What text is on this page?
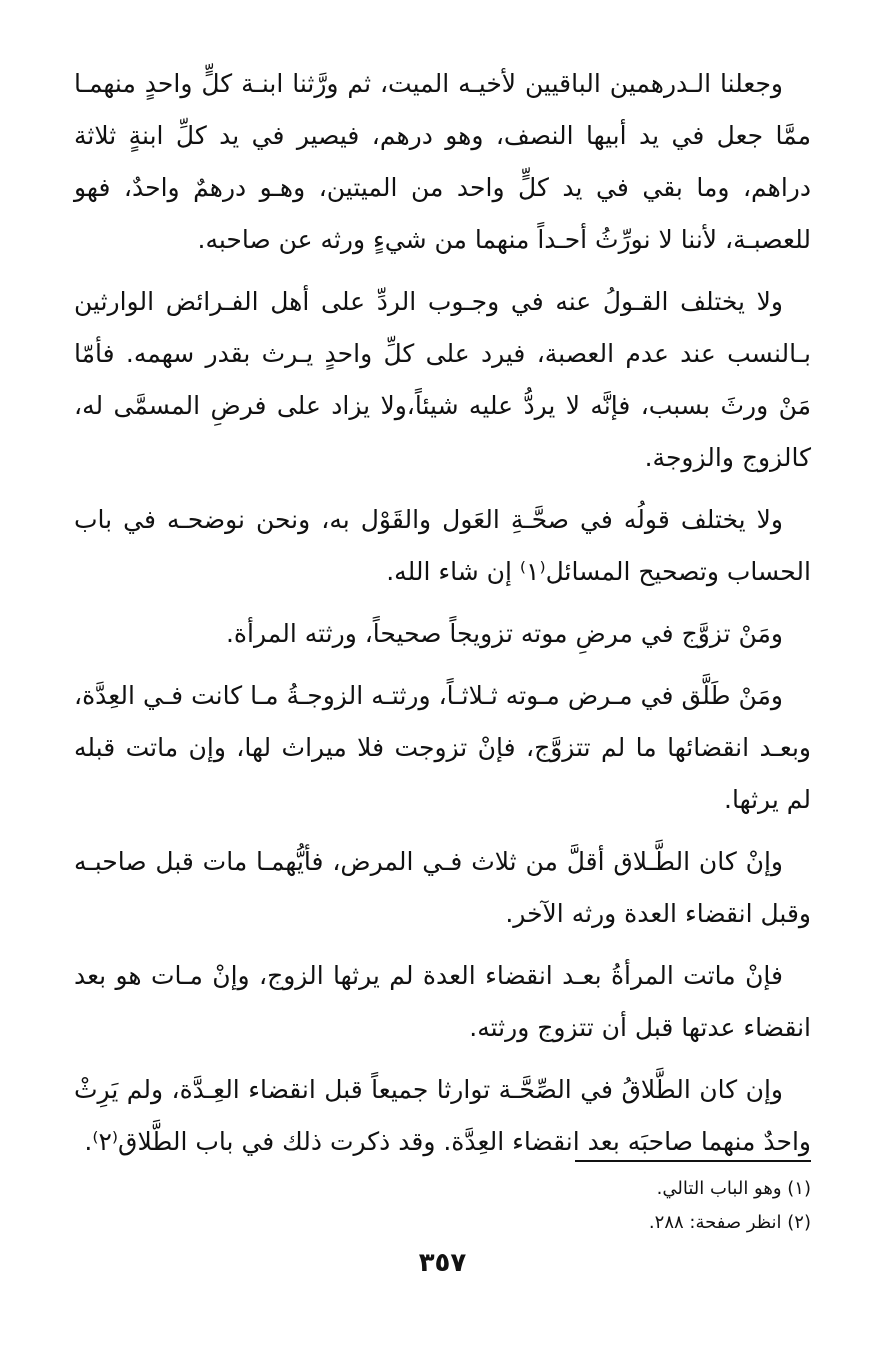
وجعلنا الـدرهمين الباقيين لأخيـه الميت، ثم ورَّثنا ابنـة كلٍّ واحدٍ منهمـا ممَّا جعل في يد أبيها النصف، وهو درهم، فيصير في يد كلِّ ابنةٍ ثلاثة دراهم، وما بقي في يد كلٍّ واحد من الميتين، وهـو درهمٌ واحدٌ، فهو للعصبـة، لأننا لا نورِّثُ أحـداً منهما من شيءٍ ورثه عن صاحبه.

ولا يختلف القـولُ عنه في وجـوب الردِّ على أهل الفـرائض الوارثين بـالنسب عند عدم العصبة، فيرد على كلِّ واحدٍ يـرث بقدر سهمه. فأمّا مَنْ ورثَ بسبب، فإنَّه لا يردُّ عليه شيئاً،ولا يزاد على فرضِ المسمَّى له، كالزوج والزوجة.

ولا يختلف قولُه في صحَّـةِ العَول والقَوْل به، ونحن نوضحـه في باب الحساب وتصحيح المسائل⁽١⁾ إن شاء الله.

ومَنْ تزوَّج في مرضِ موته تزويجاً صحيحاً، ورثته المرأة.

ومَنْ طَلَّق في مـرض مـوته ثـلاثـاً، ورثتـه الزوجـةُ مـا كانت فـي العِدَّة، وبعـد انقضائها ما لم تتزوَّج، فإنْ تزوجت فلا ميراث لها، وإن ماتت قبله لم يرثها.

وإنْ كان الطَّـلاق أقلَّ من ثلاث فـي المرض، فأيُّهمـا مات قبل صاحبـه وقبل انقضاء العدة ورثه الآخر.

فإنْ ماتت المرأةُ بعـد انقضاء العدة لم يرثها الزوج، وإنْ مـات هو بعد انقضاء عدتها قبل أن تتزوج ورثته.

وإن كان الطَّلاقُ في الصِّحَّـة توارثا جميعاً قبل انقضاء العِـدَّة، ولم يَرِثْ واحدٌ منهما صاحبَه بعد انقضاء العِدَّة. وقد ذكرت ذلك في باب الطَّلاق⁽٢⁾.

(١) وهو الباب التالي.
(٢) انظر صفحة: ٢٨٨.
٣٥٧
